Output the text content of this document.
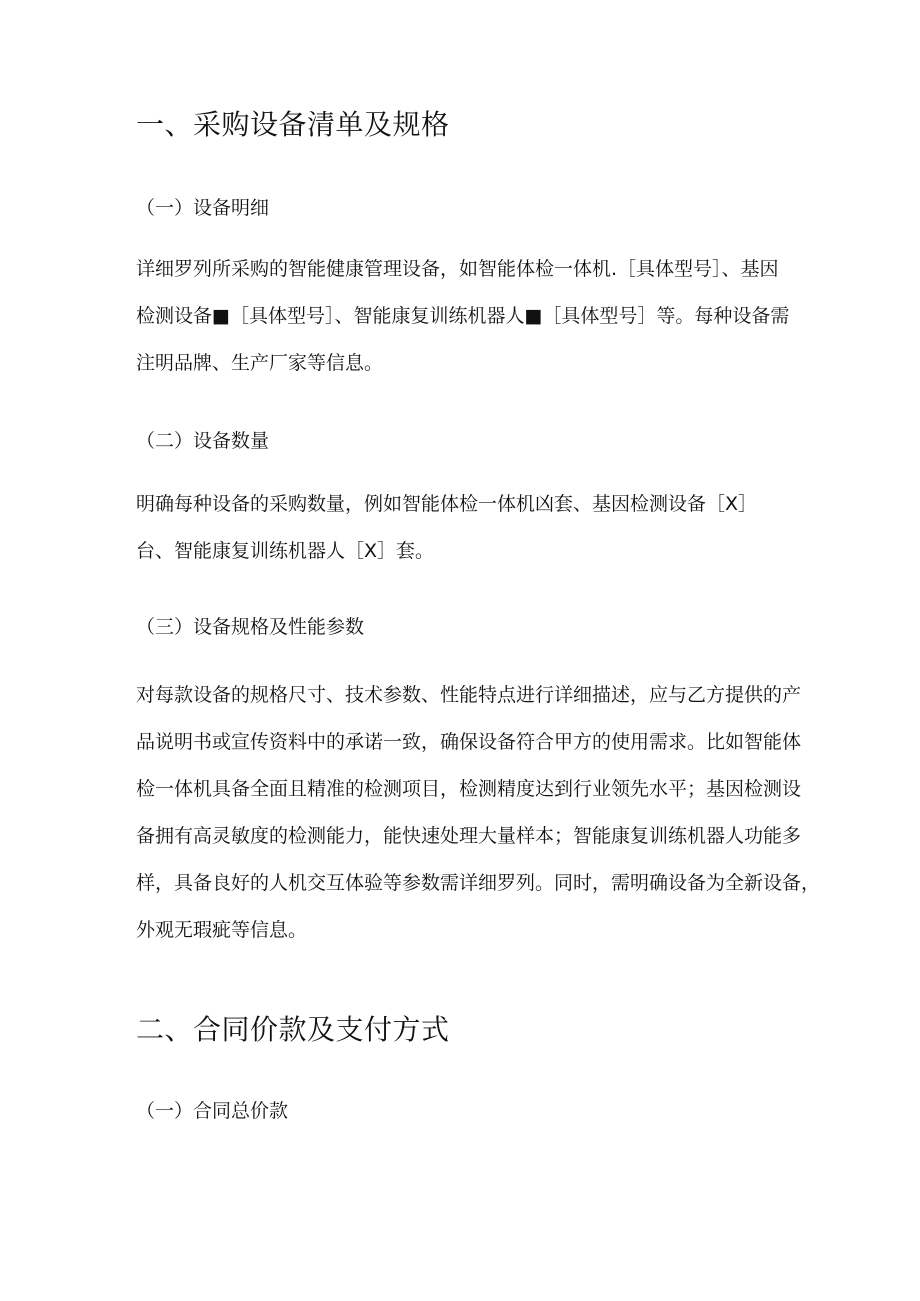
一、采购设备清单及规格
（一）设备明细
详细罗列所采购的智能健康管理设备，如智能体检一体机.［具体型号］、基因
检测设备■［具体型号］、智能康复训练机器人■［具体型号］等。每种设备需
注明品牌、生产厂家等信息。
（二）设备数量
明确每种设备的采购数量，例如智能体检一体机凶套、基因检测设备［X］
台、智能康复训练机器人［X］套。
（三）设备规格及性能参数
对每款设备的规格尺寸、技术参数、性能特点进行详细描述，应与乙方提供的产
品说明书或宣传资料中的承诺一致，确保设备符合甲方的使用需求。比如智能体
检一体机具备全面且精准的检测项目，检测精度达到行业领先水平；基因检测设
备拥有高灵敏度的检测能力，能快速处理大量样本；智能康复训练机器人功能多
样，具备良好的人机交互体验等参数需详细罗列。同时，需明确设备为全新设备，
外观无瑕疵等信息。
二、合同价款及支付方式
（一）合同总价款
